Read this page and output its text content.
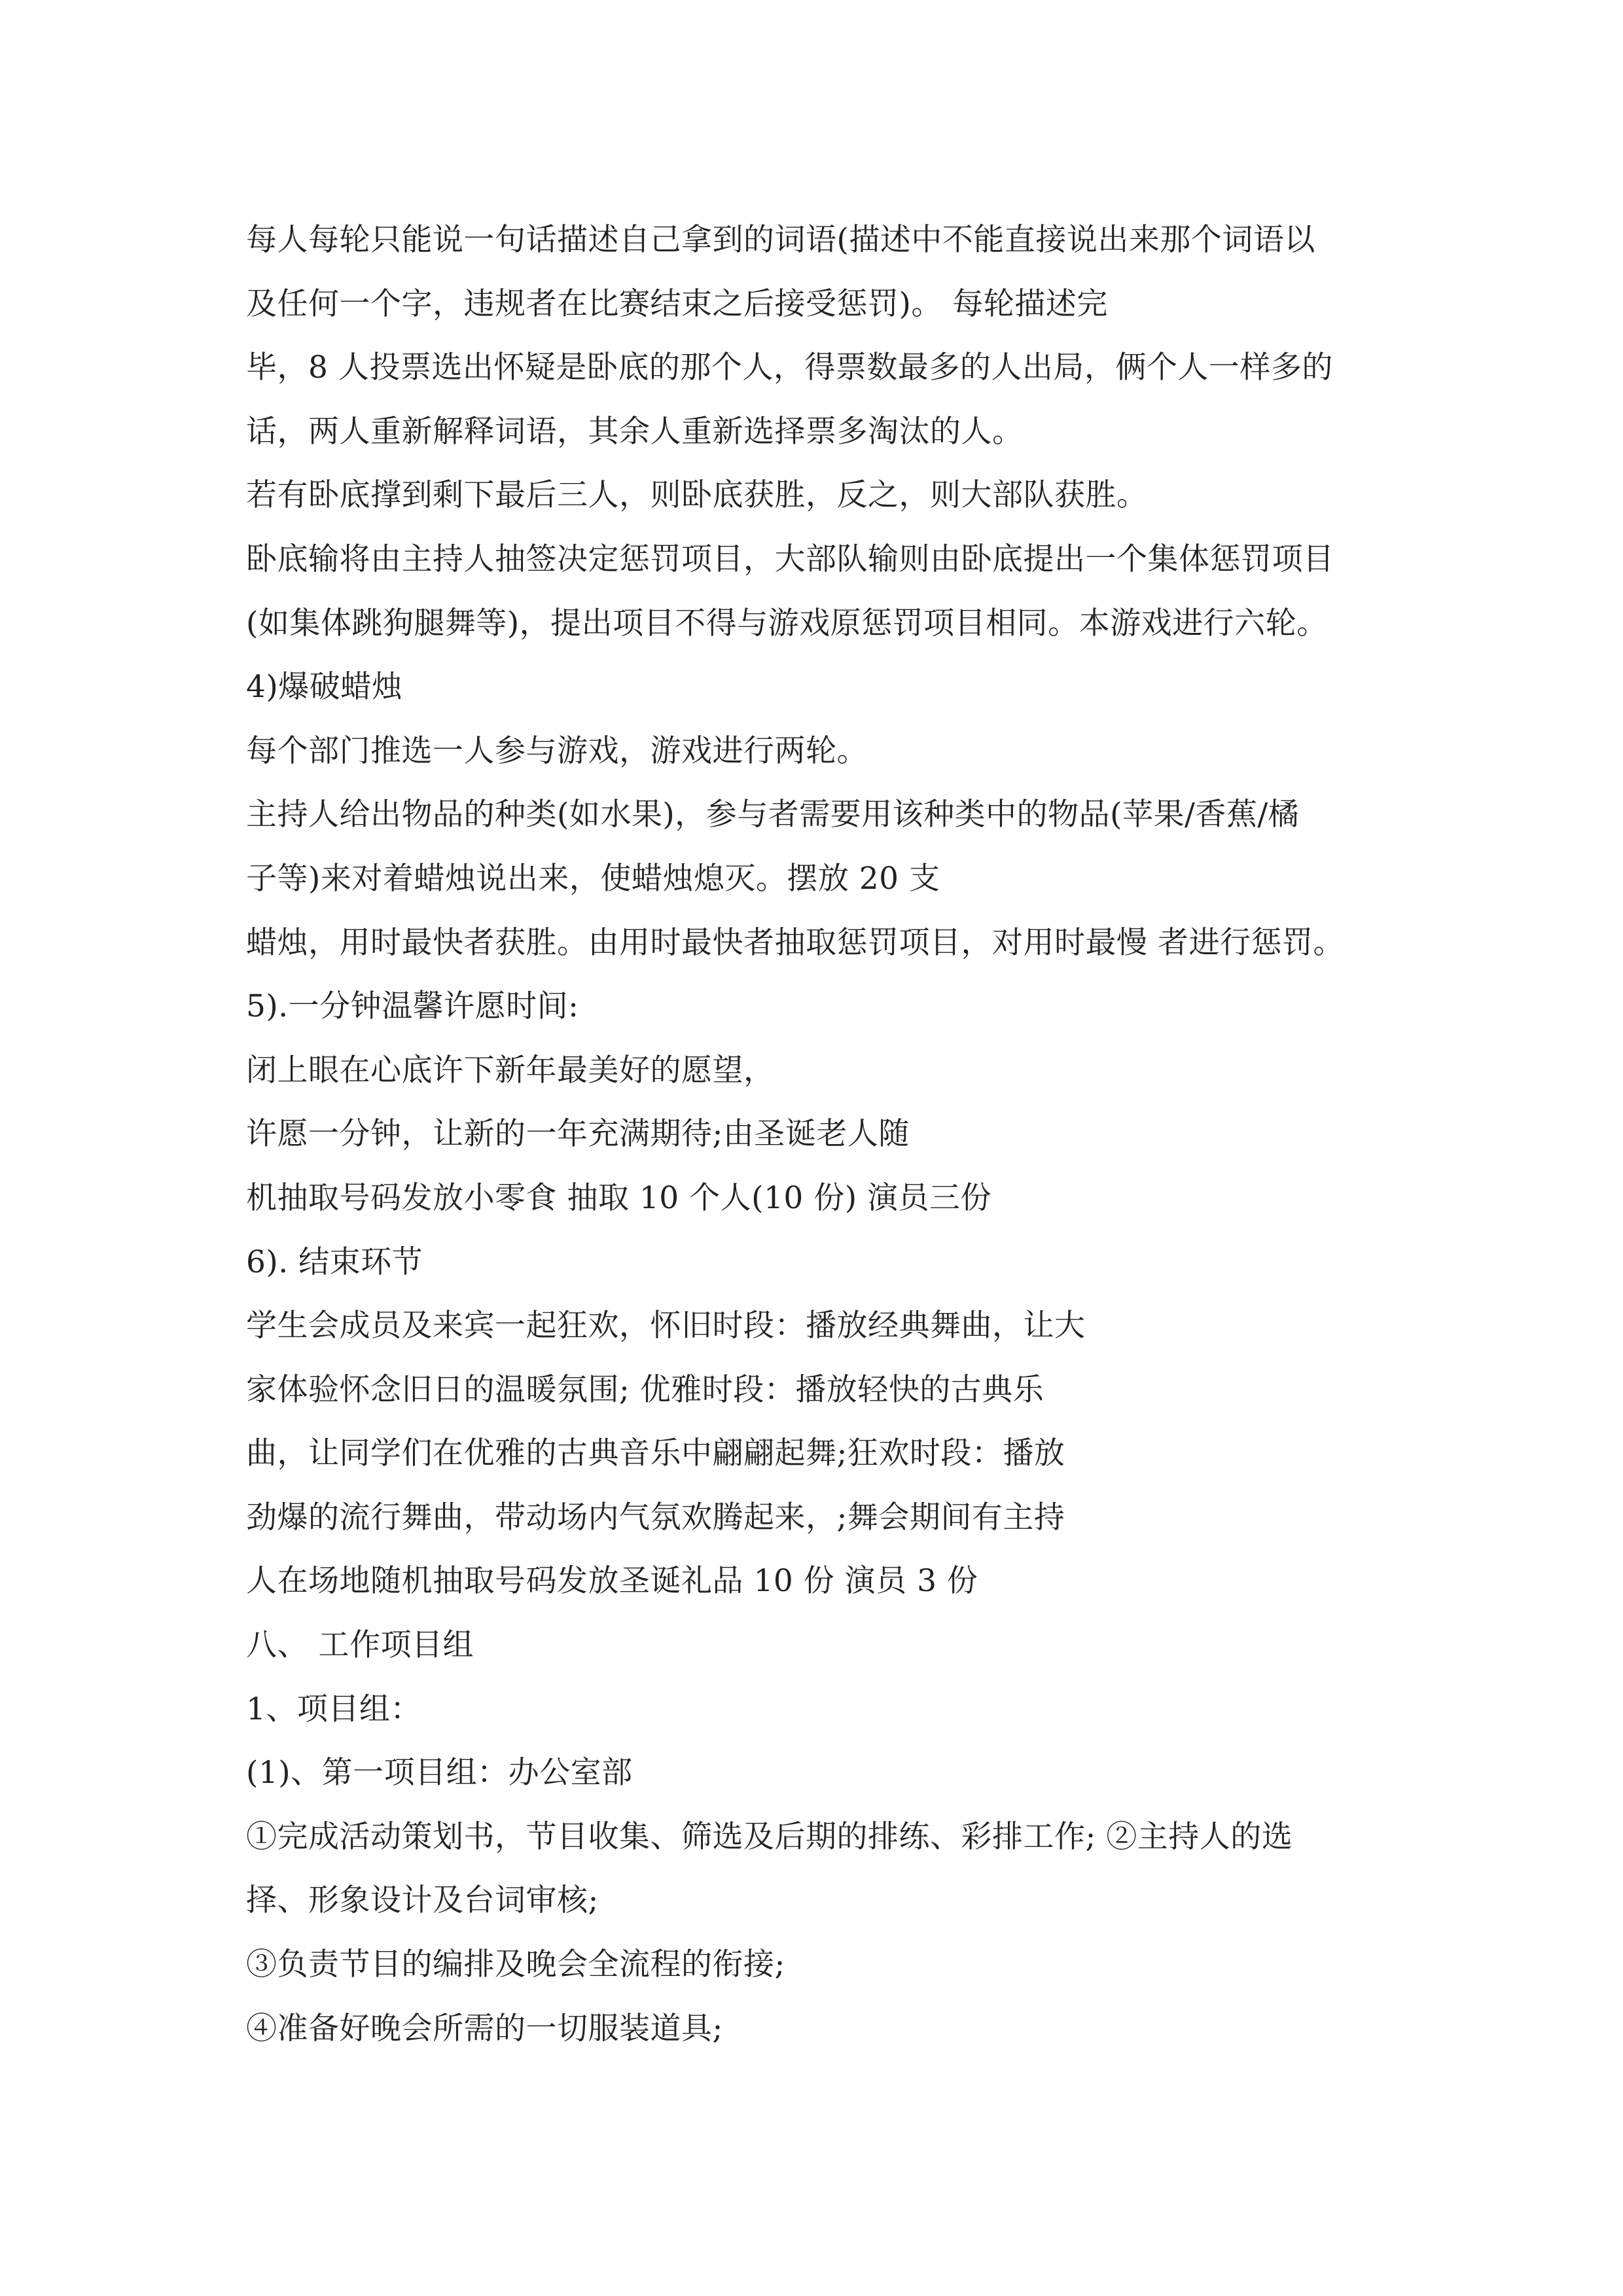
每人每轮只能说一句话描述自己拿到的词语(描述中不能直接说出来那个词语以
及任何一个字，违规者在比赛结束之后接受惩罚)。 每轮描述完
毕，8 人投票选出怀疑是卧底的那个人，得票数最多的人出局，俩个人一样多的
话，两人重新解释词语，其余人重新选择票多淘汰的人。
若有卧底撑到剩下最后三人，则卧底获胜，反之，则大部队获胜。
卧底输将由主持人抽签决定惩罚项目，大部队输则由卧底提出一个集体惩罚项目
(如集体跳狗腿舞等)，提出项目不得与游戏原惩罚项目相同。本游戏进行六轮。
4)爆破蜡烛
每个部门推选一人参与游戏，游戏进行两轮。
主持人给出物品的种类(如水果)，参与者需要用该种类中的物品(苹果/香蕉/橘
子等)来对着蜡烛说出来，使蜡烛熄灭。摆放 20 支
蜡烛，用时最快者获胜。由用时最快者抽取惩罚项目，对用时最慢 者进行惩罚。
5).一分钟温馨许愿时间:
闭上眼在心底许下新年最美好的愿望，
许愿一分钟，让新的一年充满期待;由圣诞老人随
机抽取号码发放小零食 抽取 10 个人(10 份) 演员三份
6). 结束环节
学生会成员及来宾一起狂欢，怀旧时段：播放经典舞曲，让大
家体验怀念旧日的温暖氛围; 优雅时段：播放轻快的古典乐
曲，让同学们在优雅的古典音乐中翩翩起舞;狂欢时段：播放
劲爆的流行舞曲，带动场内气氛欢腾起来，;舞会期间有主持
人在场地随机抽取号码发放圣诞礼品 10 份 演员 3 份
八、 工作项目组
1、项目组：
(1)、第一项目组：办公室部
①完成活动策划书，节目收集、筛选及后期的排练、彩排工作; ②主持人的选
择、形象设计及台词审核;
③负责节目的编排及晚会全流程的衔接;
④准备好晚会所需的一切服装道具;
